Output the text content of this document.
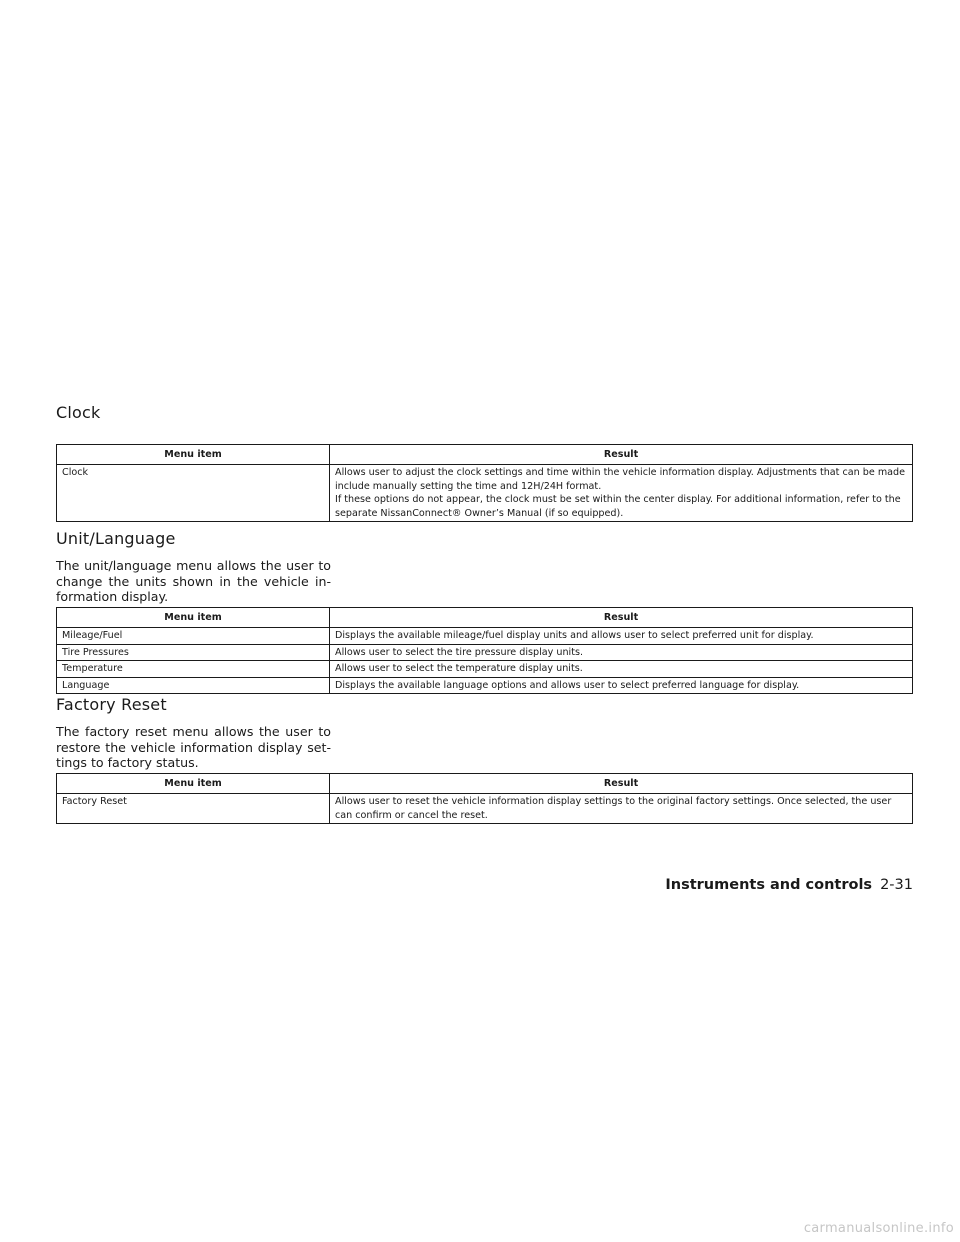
Clock
Menu item	Result
Clock	Allows user to adjust the clock settings and time within the vehicle information display. Adjustments that can be made include manually setting the time and 12H/24H format.
If these options do not appear, the clock must be set within the center display. For additional information, refer to the separate NissanConnect® Owner’s Manual (if so equipped).
Unit/Language

The unit/language menu allows the user to change the units shown in the vehicle information display.

Menu item	Result
Mileage/Fuel	Displays the available mileage/fuel display units and allows user to select preferred unit for display.
Tire Pressures	Allows user to select the tire pressure display units.
Temperature	Allows user to select the temperature display units.
Language	Displays the available language options and allows user to select preferred language for display.
Factory Reset

The factory reset menu allows the user to restore the vehicle information display settings to factory status.

Menu item	Result
Factory Reset	Allows user to reset the vehicle information display settings to the original factory settings. Once selected, the user can confirm or cancel the reset.
Instruments and controls 2-31
carmanualsonline.info
